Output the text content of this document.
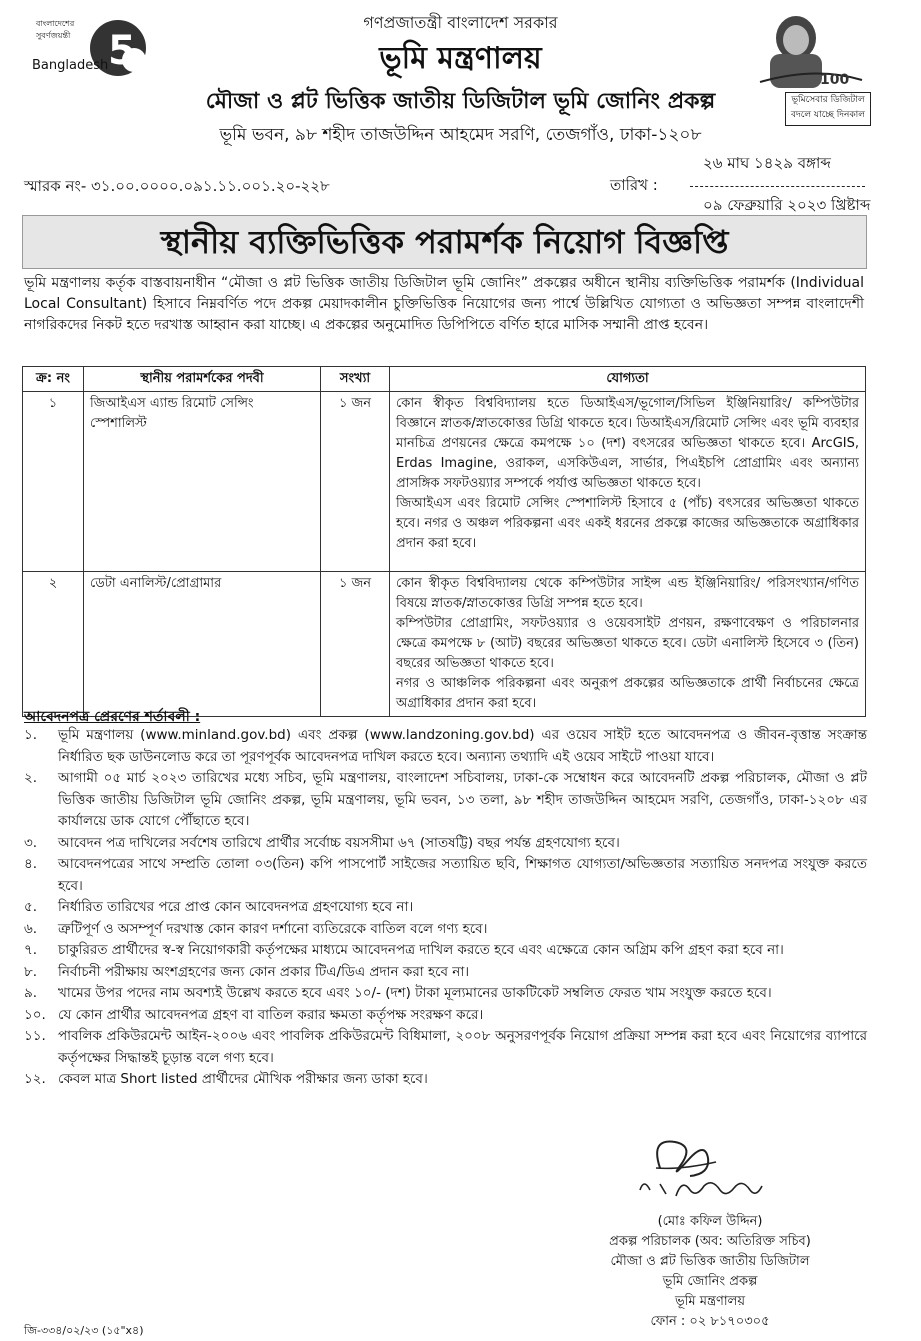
5
বাংলাদেশের
সুবর্ণজয়ন্তী
Bangladesh
গণপ্রজাতন্ত্রী বাংলাদেশ সরকার
ভূমি মন্ত্রণালয়
মৌজা ও প্লট ভিত্তিক জাতীয় ডিজিটাল ভূমি জোনিং প্রকল্প
ভূমি ভবন, ৯৮ শহীদ তাজউদ্দিন আহমেদ সরণি, তেজগাঁও, ঢাকা-১২০৮
100
ভূমিসেবার ডিজিটাল
বদলে যাচ্ছে দিনকাল
২৬ মাঘ ১৪২৯ বঙ্গাব্দ
স্মারক নং- ৩১.০০.০০০০.০৯১.১১.০০১.২০-২২৮	তারিখ :
০৯ ফেব্রুয়ারি ২০২৩ খ্রিষ্টাব্দ
স্থানীয় ব্যক্তিভিত্তিক পরামর্শক নিয়োগ বিজ্ঞপ্তি
ভূমি মন্ত্রণালয় কর্তৃক বাস্তবায়নাধীন “মৌজা ও প্লট ভিত্তিক জাতীয় ডিজিটাল ভূমি জোনিং” প্রকল্পের অধীনে স্থানীয় ব্যক্তিভিত্তিক পরামর্শক (Individual Local Consultant) হিসাবে নিম্নবর্ণিত পদে প্রকল্প মেয়াদকালীন চুক্তিভিত্তিক নিয়োগের জন্য পার্শ্বে উল্লিখিত যোগ্যতা ও অভিজ্ঞতা সম্পন্ন বাংলাদেশী নাগরিকদের নিকট হতে দরখাস্ত আহ্বান করা যাচ্ছে। এ প্রকল্পের অনুমোদিত ডিপিপিতে বর্ণিত হারে মাসিক সম্মানী প্রাপ্ত হবেন।
ক্র: নং	স্থানীয় পরামর্শকের পদবী	সংখ্যা	যোগ্যতা
১	জিআইএস এ্যান্ড রিমোট সেন্সিং স্পেশালিস্ট	১ জন	কোন স্বীকৃত বিশ্ববিদ্যালয় হতে ডিআইএস/ভূগোল/সিভিল ইঞ্জিনিয়ারিং/ কম্পিউটার বিজ্ঞানে স্নাতক/স্নাতকোত্তর ডিগ্রি থাকতে হবে। ডিআইএস/রিমোট সেন্সিং এবং ভূমি ব্যবহার মানচিত্র প্রণয়নের ক্ষেত্রে কমপক্ষে ১০ (দশ) বৎসরের অভিজ্ঞতা থাকতে হবে। ArcGIS, Erdas Imagine, ওরাকল, এসকিউএল, সার্ভার, পিএইচপি প্রোগ্রামিং এবং অন্যান্য প্রাসঙ্গিক সফটওয়্যার সম্পর্কে পর্যাপ্ত অভিজ্ঞতা থাকতে হবে।

জিআইএস এবং রিমোট সেন্সিং স্পেশালিস্ট হিসাবে ৫ (পাঁচ) বৎসরের অভিজ্ঞতা থাকতে হবে। নগর ও অঞ্চল পরিকল্পনা এবং একই ধরনের প্রকল্পে কাজের অভিজ্ঞতাকে অগ্রাধিকার প্রদান করা হবে।

২	ডেটা এনালিস্ট/প্রোগ্রামার	১ জন	কোন স্বীকৃত বিশ্ববিদ্যালয় থেকে কম্পিউটার সাইন্স এন্ড ইঞ্জিনিয়ারিং/ পরিসংখ্যান/গণিত বিষয়ে স্নাতক/স্নাতকোত্তর ডিগ্রি সম্পন্ন হতে হবে।

কম্পিউটার প্রোগ্রামিং, সফটওয়্যার ও ওয়েবসাইট প্রণয়ন, রক্ষণাবেক্ষণ ও পরিচালনার ক্ষেত্রে কমপক্ষে ৮ (আট) বছরের অভিজ্ঞতা থাকতে হবে। ডেটা এনালিস্ট হিসেবে ৩ (তিন) বছরের অভিজ্ঞতা থাকতে হবে।

নগর ও আঞ্চলিক পরিকল্পনা এবং অনুরূপ প্রকল্পের অভিজ্ঞতাকে প্রার্থী নির্বাচনের ক্ষেত্রে অগ্রাধিকার প্রদান করা হবে।

আবেদনপত্র প্রেরণের শর্তাবলী :
১.	ভূমি মন্ত্রণালয় (www.minland.gov.bd) এবং প্রকল্প (www.landzoning.gov.bd) এর ওয়েব সাইট হতে আবেদনপত্র ও জীবন-বৃত্তান্ত সংক্রান্ত নির্ধারিত ছক ডাউনলোড করে তা পূরণপূর্বক আবেদনপত্র দাখিল করতে হবে। অন্যান্য তথ্যাদি এই ওয়েব সাইটে পাওয়া যাবে।
২.	আগামী ০৫ মার্চ ২০২৩ তারিখের মধ্যে সচিব, ভূমি মন্ত্রণালয়, বাংলাদেশ সচিবালয়, ঢাকা-কে সম্বোধন করে আবেদনটি প্রকল্প পরিচালক, মৌজা ও প্লট ভিত্তিক জাতীয় ডিজিটাল ভূমি জোনিং প্রকল্প, ভূমি মন্ত্রণালয়, ভূমি ভবন, ১৩ তলা, ৯৮ শহীদ তাজউদ্দিন আহমেদ সরণি, তেজগাঁও, ঢাকা-১২০৮ এর কার্যালয়ে ডাক যোগে পৌঁছাতে হবে।
৩.	আবেদন পত্র দাখিলের সর্বশেষ তারিখে প্রার্থীর সর্বোচ্চ বয়সসীমা ৬৭ (সাতষট্টি) বছর পর্যন্ত গ্রহণযোগ্য হবে।
৪.	আবেদনপত্রের সাথে সম্প্রতি তোলা ০৩(তিন) কপি পাসপোর্ট সাইজের সত্যায়িত ছবি, শিক্ষাগত যোগ্যতা/অভিজ্ঞতার সত্যায়িত সনদপত্র সংযুক্ত করতে হবে।
৫.	নির্ধারিত তারিখের পরে প্রাপ্ত কোন আবেদনপত্র গ্রহণযোগ্য হবে না।
৬.	ত্রুটিপূর্ণ ও অসম্পূর্ণ দরখাস্ত কোন কারণ দর্শানো ব্যতিরেকে বাতিল বলে গণ্য হবে।
৭.	চাকুরিরত প্রার্থীদের স্ব-স্ব নিয়োগকারী কর্তৃপক্ষের মাধ্যমে আবেদনপত্র দাখিল করতে হবে এবং এক্ষেত্রে কোন অগ্রিম কপি গ্রহণ করা হবে না।
৮.	নির্বাচনী পরীক্ষায় অংশগ্রহণের জন্য কোন প্রকার টিএ/ডিএ প্রদান করা হবে না।
৯.	খামের উপর পদের নাম অবশ্যই উল্লেখ করতে হবে এবং ১০/- (দশ) টাকা মূল্যমানের ডাকটিকেট সম্বলিত ফেরত খাম সংযুক্ত করতে হবে।
১০. যে কোন প্রার্থীর আবেদনপত্র গ্রহণ বা বাতিল করার ক্ষমতা কর্তৃপক্ষ সংরক্ষণ করে।
১১. পাবলিক প্রকিউরমেন্ট আইন-২০০৬ এবং পাবলিক প্রকিউরমেন্ট বিধিমালা, ২০০৮ অনুসরণপূর্বক নিয়োগ প্রক্রিয়া সম্পন্ন করা হবে এবং নিয়োগের ব্যাপারে কর্তৃপক্ষের সিদ্ধান্তই চূড়ান্ত বলে গণ্য হবে।
১২. কেবল মাত্র Short listed প্রার্থীদের মৌখিক পরীক্ষার জন্য ডাকা হবে।
(মোঃ কফিল উদ্দিন)
প্রকল্প পরিচালক (অব: অতিরিক্ত সচিব)
মৌজা ও প্লট ভিত্তিক জাতীয় ডিজিটাল
ভূমি জোনিং প্রকল্প
ভূমি মন্ত্রণালয়
ফোন : ০২ ৮১৭০৩০৫
জি-৩৩৪/০২/২৩ (১৫"x৪)
